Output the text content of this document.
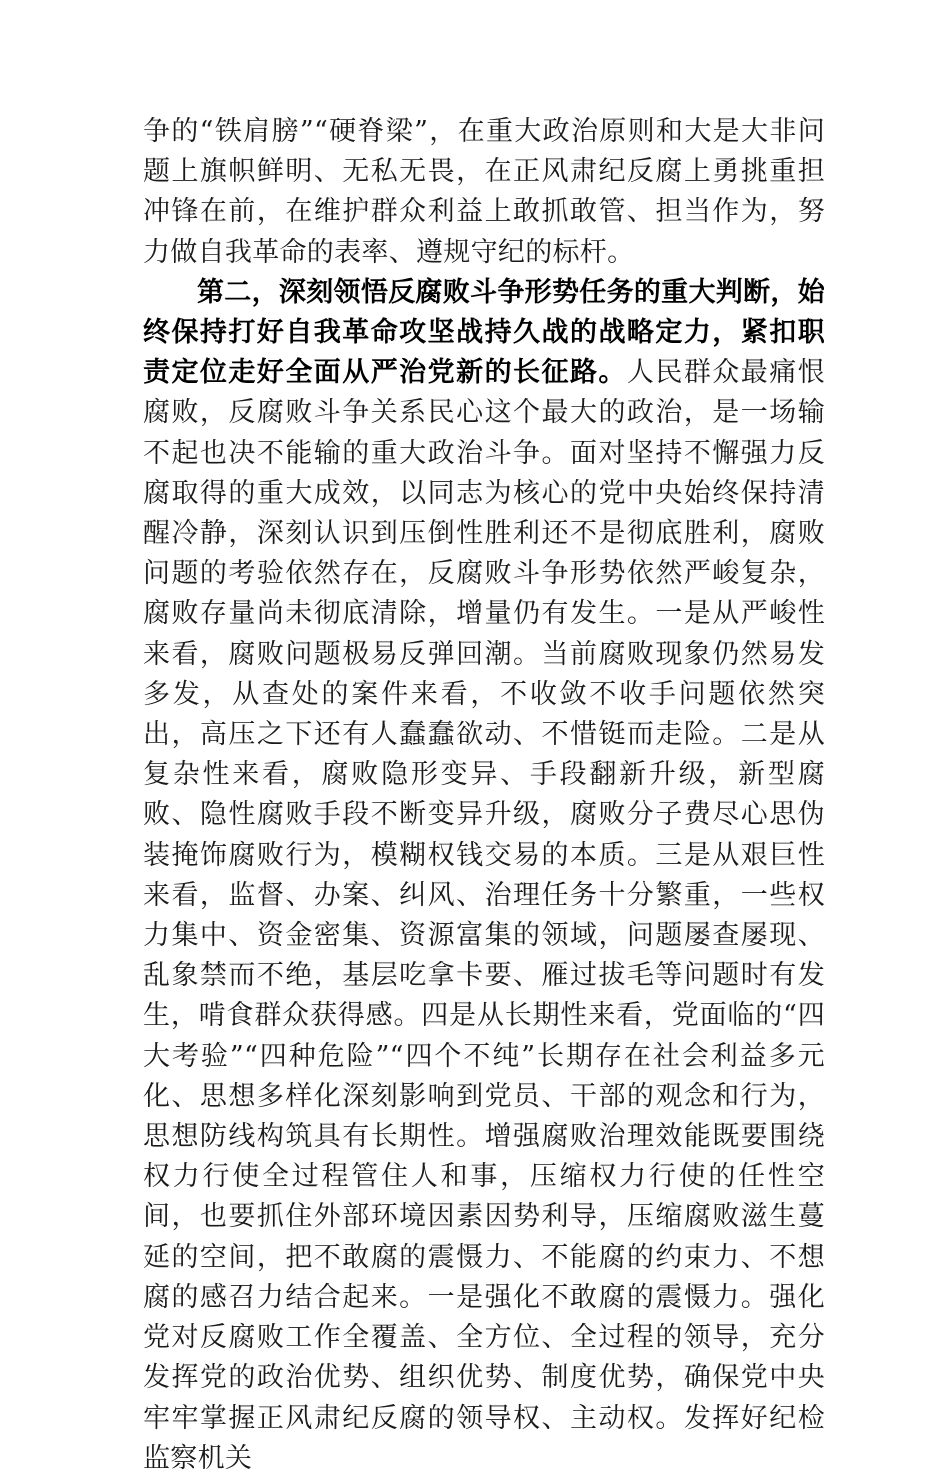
争的“铁肩膀”“硬脊梁”，在重大政治原则和大是大非问题上旗帜鲜明、无私无畏，在正风肃纪反腐上勇挑重担冲锋在前，在维护群众利益上敢抓敢管、担当作为，努力做自我革命的表率、遵规守纪的标杆。

第二，深刻领悟反腐败斗争形势任务的重大判断，始终保持打好自我革命攻坚战持久战的战略定力，紧扣职责定位走好全面从严治党新的长征路。人民群众最痛恨腐败，反腐败斗争关系民心这个最大的政治，是一场输不起也决不能输的重大政治斗争。面对坚持不懈强力反腐取得的重大成效，以同志为核心的党中央始终保持清醒冷静，深刻认识到压倒性胜利还不是彻底胜利，腐败问题的考验依然存在，反腐败斗争形势依然严峻复杂，腐败存量尚未彻底清除，增量仍有发生。一是从严峻性来看，腐败问题极易反弹回潮。当前腐败现象仍然易发多发，从查处的案件来看，不收敛不收手问题依然突出，高压之下还有人蠢蠢欲动、不惜铤而走险。二是从复杂性来看，腐败隐形变异、手段翻新升级，新型腐败、隐性腐败手段不断变异升级，腐败分子费尽心思伪装掩饰腐败行为，模糊权钱交易的本质。三是从艰巨性来看，监督、办案、纠风、治理任务十分繁重，一些权力集中、资金密集、资源富集的领域，问题屡查屡现、乱象禁而不绝，基层吃拿卡要、雁过拔毛等问题时有发生，啃食群众获得感。四是从长期性来看，党面临的“四大考验”“四种危险”“四个不纯”长期存在社会利益多元化、思想多样化深刻影响到党员、干部的观念和行为，思想防线构筑具有长期性。增强腐败治理效能既要围绕权力行使全过程管住人和事，压缩权力行使的任性空间，也要抓住外部环境因素因势利导，压缩腐败滋生蔓延的空间，把不敢腐的震慑力、不能腐的约束力、不想腐的感召力结合起来。一是强化不敢腐的震慑力。强化党对反腐败工作全覆盖、全方位、全过程的领导，充分发挥党的政治优势、组织优势、制度优势，确保党中央牢牢掌握正风肃纪反腐的领导权、主动权。发挥好纪检监察机关
